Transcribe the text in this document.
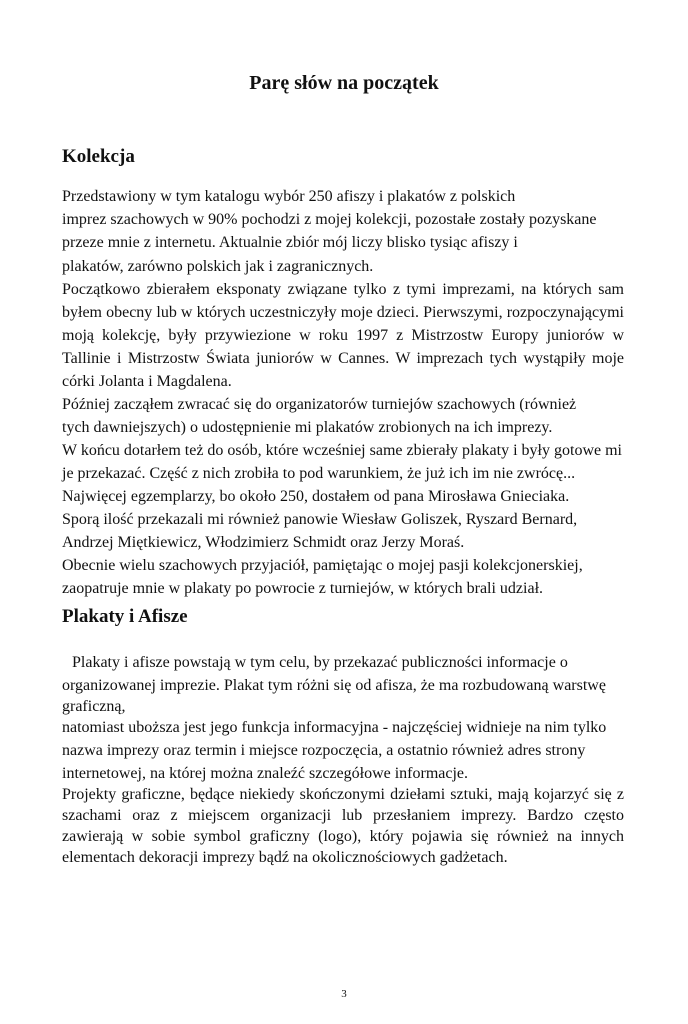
Parę słów na początek
Kolekcja
Przedstawiony w tym katalogu wybór 250 afiszy i plakatów z polskich
imprez szachowych w 90% pochodzi z mojej kolekcji, pozostałe zostały pozyskane
przeze mnie z internetu. Aktualnie zbiór mój liczy blisko tysiąc afiszy i
plakatów, zarówno polskich jak i zagranicznych.
Początkowo zbierałem eksponaty związane tylko z tymi imprezami, na których sam
byłem obecny lub w których uczestniczyły moje dzieci. Pierwszymi, rozpoczynającymi
moją kolekcję, były przywiezione w roku 1997 z Mistrzostw Europy juniorów w
Tallinie i Mistrzostw Świata juniorów w Cannes. W imprezach tych wystąpiły moje
córki Jolanta i Magdalena.
Później zacząłem zwracać się do organizatorów turniejów szachowych (również
tych dawniejszych) o udostępnienie mi plakatów zrobionych na ich imprezy.
W końcu dotarłem też do osób, które wcześniej same zbierały plakaty i były gotowe mi
je przekazać. Część z nich zrobiła to pod warunkiem, że już ich im nie zwrócę...
Najwięcej egzemplarzy, bo około 250, dostałem od pana Mirosława Gnieciaka.
Sporą ilość przekazali mi również panowie Wiesław Goliszek, Ryszard Bernard,
Andrzej Miętkiewicz, Włodzimierz Schmidt oraz Jerzy Moraś.
Obecnie wielu szachowych przyjaciół, pamiętając o mojej pasji kolekcjonerskiej,
zaopatruje mnie w plakaty po powrocie z turniejów, w których brali udział.
Plakaty i Afisze
Plakaty i afisze powstają w tym celu, by przekazać publiczności informacje o
organizowanej imprezie. Plakat tym różni się od afisza, że ma rozbudowaną warstwę
graficzną,
natomiast uboższa jest jego funkcja informacyjna - najczęściej widnieje na nim tylko
nazwa imprezy oraz termin i miejsce rozpoczęcia, a ostatnio również adres strony
internetowej, na której można znaleźć szczegółowe informacje.
Projekty graficzne, będące niekiedy skończonymi dziełami sztuki, mają kojarzyć się z
szachami oraz z miejscem organizacji lub przesłaniem imprezy. Bardzo często
zawierają w sobie symbol graficzny (logo), który pojawia się również na innych
elementach dekoracji imprezy bądź na okolicznościowych gadżetach.
3
